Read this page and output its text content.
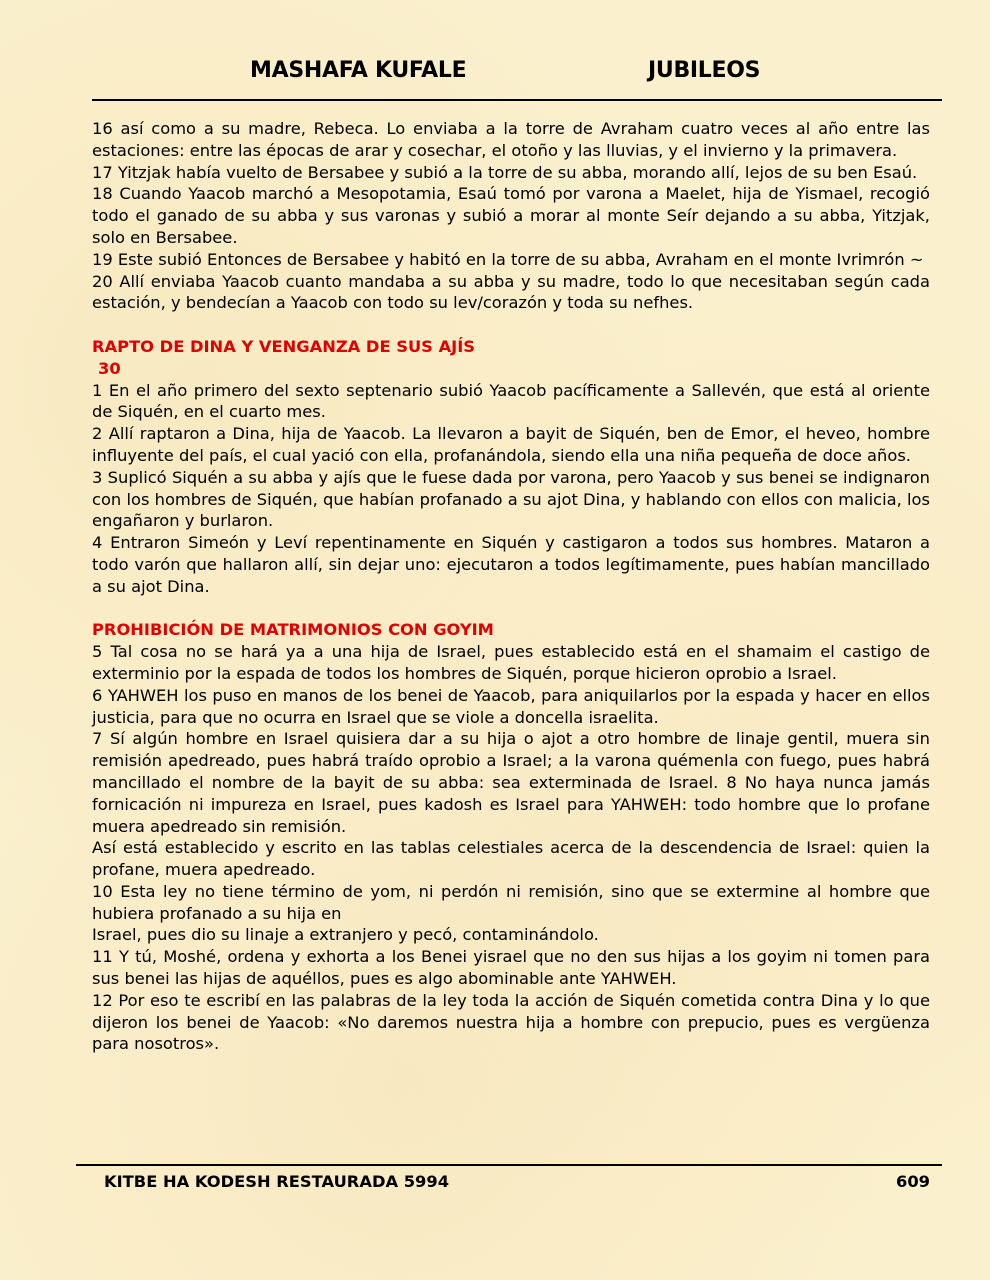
MASHAFA KUFALE	JUBILEOS

16 así como a su madre, Rebeca. Lo enviaba a la torre de Avraham cuatro veces al año entre las estaciones: entre las épocas de arar y cosechar, el otoño y las lluvias, y el invierno y la primavera.

17 Yitzjak había vuelto de Bersabee y subió a la torre de su abba, morando allí, lejos de su ben Esaú.

18 Cuando Yaacob marchó a Mesopotamia, Esaú tomó por varona a Maelet, hija de Yismael, recogió todo el ganado de su abba y sus varonas y subió a morar al monte Seír dejando a su abba, Yitzjak, solo en Bersabee.

19 Este subió Entonces de Bersabee y habitó en la torre de su abba, Avraham en el monte Ivrimrón ~

20 Allí enviaba Yaacob cuanto mandaba a su abba y su madre, todo lo que necesitaban según cada estación, y bendecían a Yaacob con todo su lev/corazón y toda su nefhes.

RAPTO DE DINA Y VENGANZA DE SUS AJÍS

30

1 En el año primero del sexto septenario subió Yaacob pacíficamente a Sallevén, que está al oriente de Siquén, en el cuarto mes.

2 Allí raptaron a Dina, hija de Yaacob. La llevaron a bayit de Siquén, ben de Emor, el heveo, hombre influyente del país, el cual yació con ella, profanándola, siendo ella una niña pequeña de doce años.

3 Suplicó Siquén a su abba y ajís que le fuese dada por varona, pero Yaacob y sus benei se indignaron con los hombres de Siquén, que habían profanado a su ajot Dina, y hablando con ellos con malicia, los engañaron y burlaron.

4 Entraron Simeón y Leví repentinamente en Siquén y castigaron a todos sus hombres. Mataron a todo varón que hallaron allí, sin dejar uno: ejecutaron a todos legítimamente, pues habían mancillado a su ajot Dina.

PROHIBICIÓN DE MATRIMONIOS CON GOYIM

5 Tal cosa no se hará ya a una hija de Israel, pues establecido está en el shamaim el castigo de exterminio por la espada de todos los hombres de Siquén, porque hicieron oprobio a Israel.

6 YAHWEH los puso en manos de los benei de Yaacob, para aniquilarlos por la espada y hacer en ellos justicia, para que no ocurra en Israel que se viole a doncella israelita.

7 Sí algún hombre en Israel quisiera dar a su hija o ajot a otro hombre de linaje gentil, muera sin remisión apedreado, pues habrá traído oprobio a Israel; a la varona quémenla con fuego, pues habrá mancillado el nombre de la bayit de su abba: sea exterminada de Israel. 8 No haya nunca jamás fornicación ni impureza en Israel, pues kadosh es Israel para YAHWEH: todo hombre que lo profane muera apedreado sin remisión.

Así está establecido y escrito en las tablas celestiales acerca de la descendencia de Israel: quien la profane, muera apedreado.

10 Esta ley no tiene término de yom, ni perdón ni remisión, sino que se extermine al hombre que hubiera profanado a su hija en

Israel, pues dio su linaje a extranjero y pecó, contaminándolo.

11 Y tú, Moshé, ordena y exhorta a los Benei yisrael que no den sus hijas a los goyim ni tomen para sus benei las hijas de aquéllos, pues es algo abominable ante YAHWEH.

12 Por eso te escribí en las palabras de la ley toda la acción de Siquén cometida contra Dina y lo que dijeron los benei de Yaacob: «No daremos nuestra hija a hombre con prepucio, pues es vergüenza para nosotros».

KITBE HA KODESH RESTAURADA 5994	609
